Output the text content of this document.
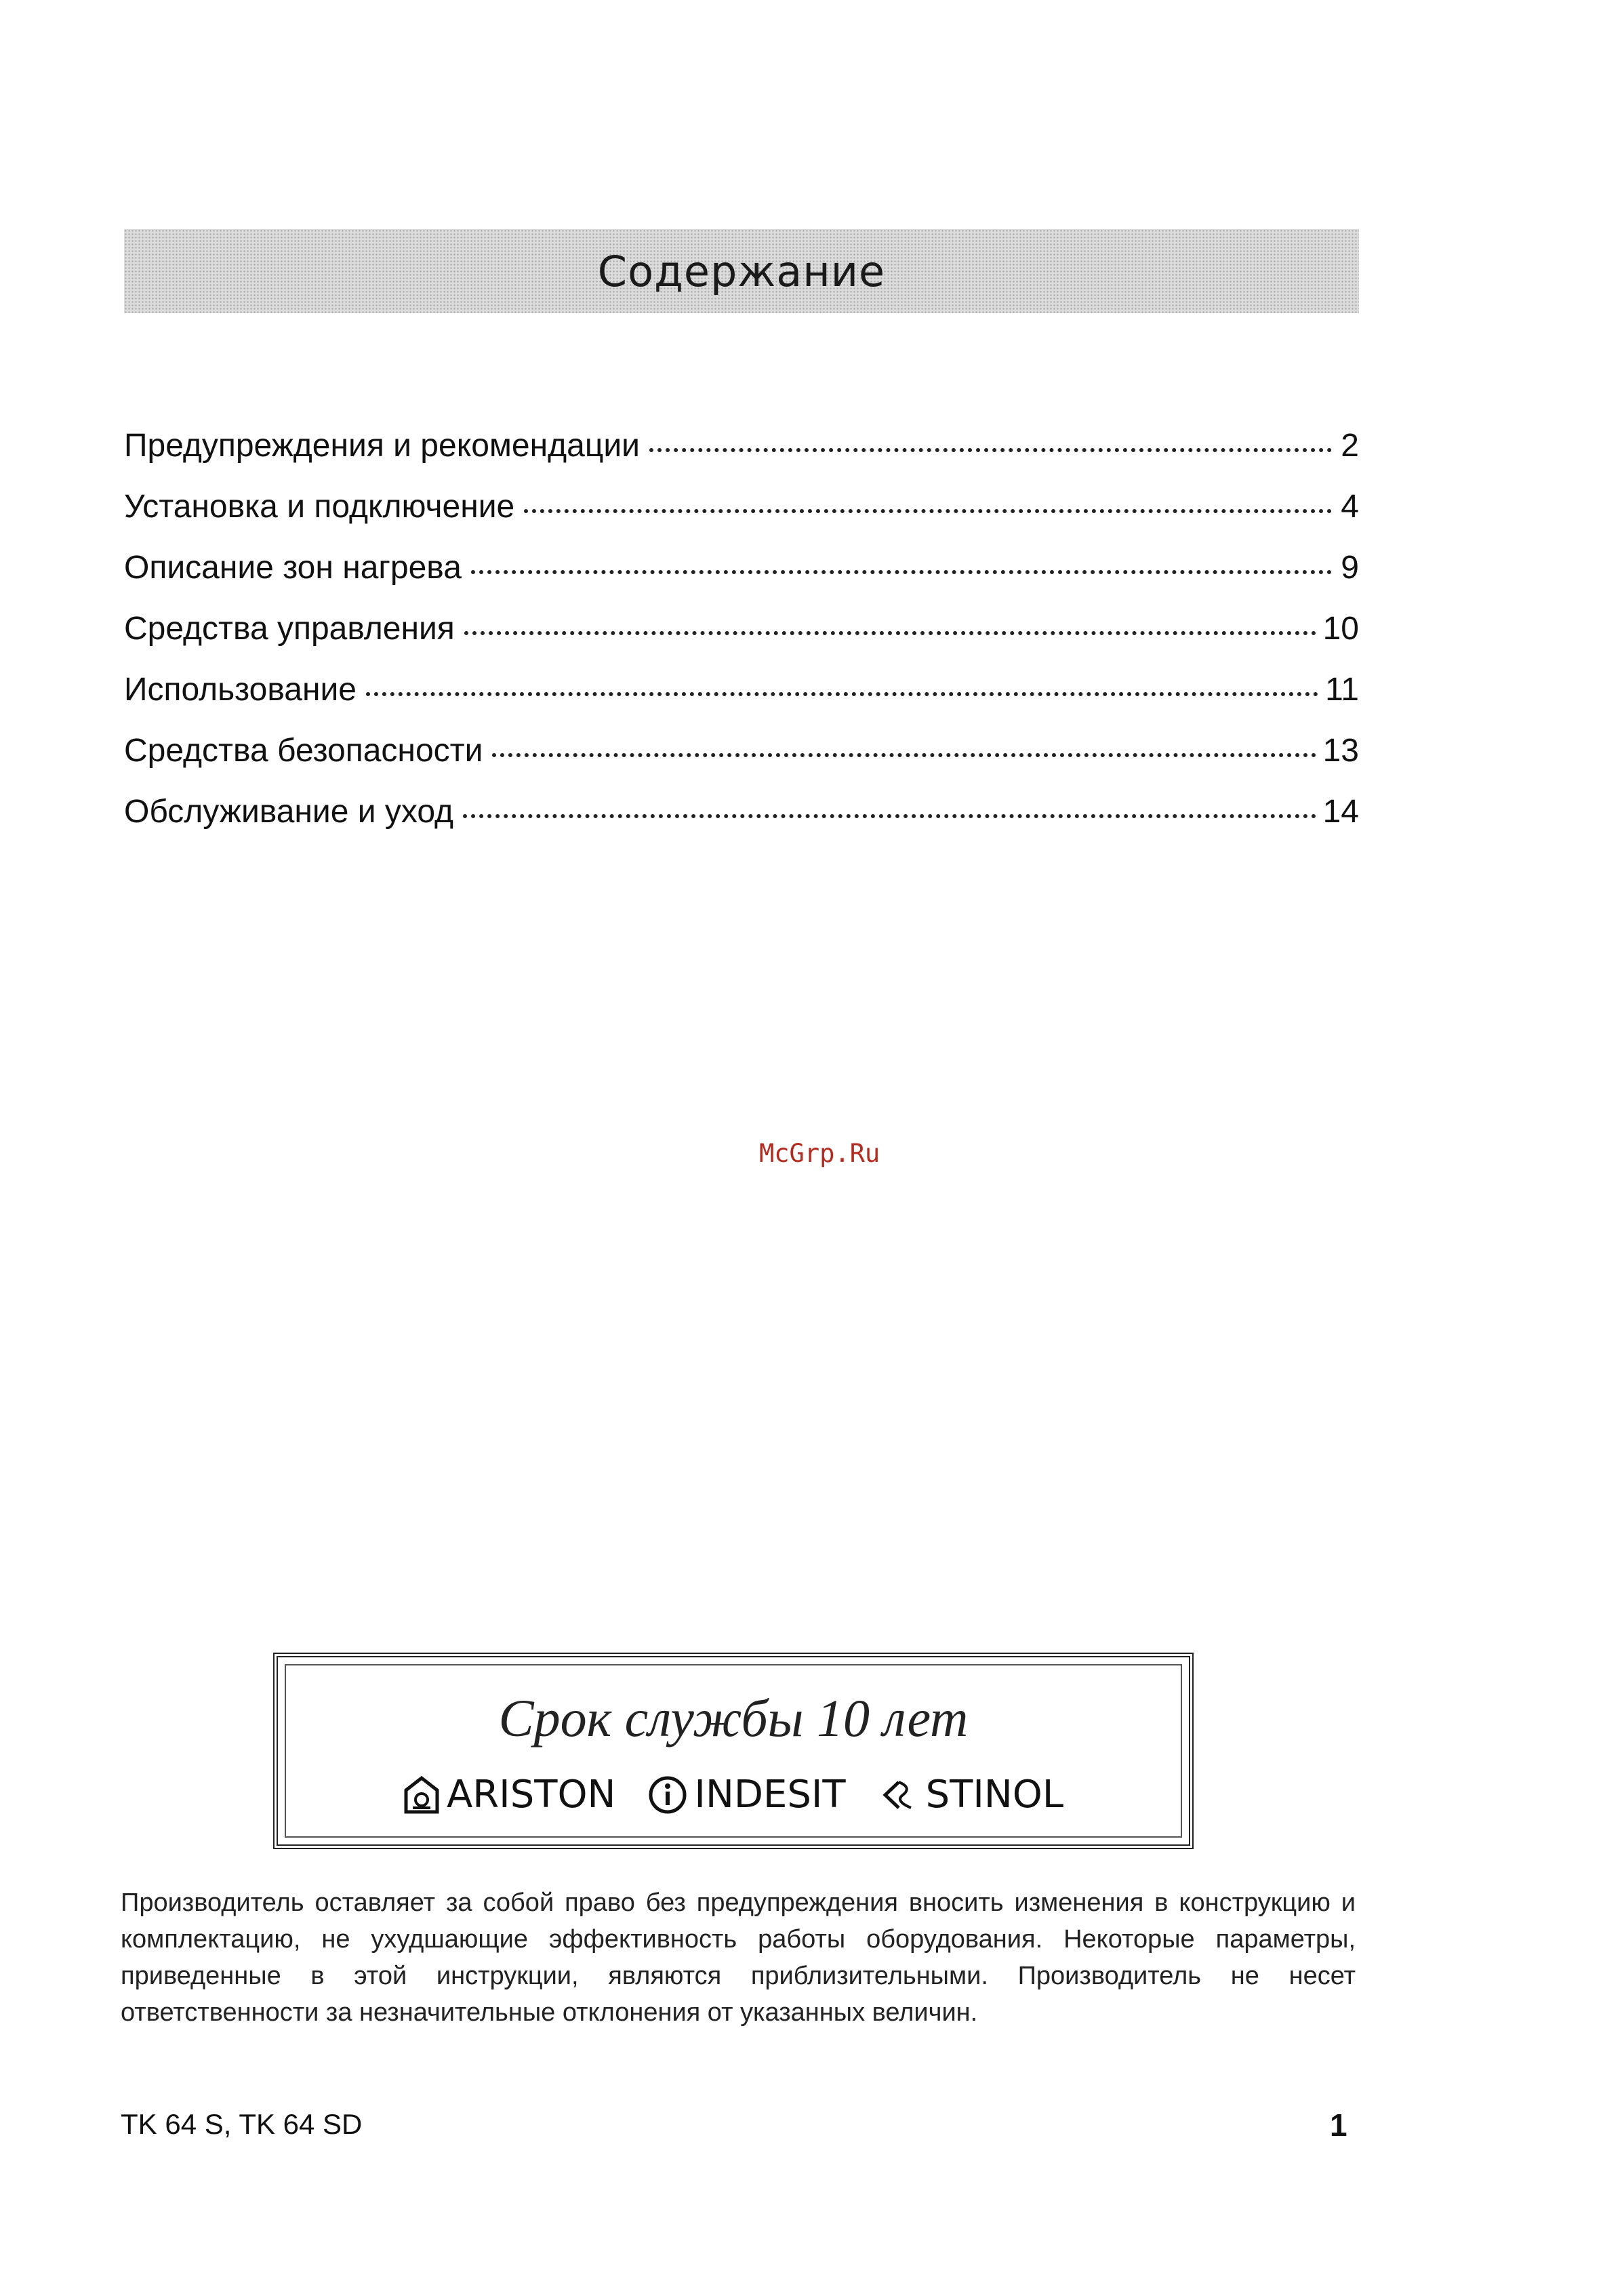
Содержание
Предупреждения и рекомендации	2
Установка и подключение	4
Описание зон нагрева	9
Средства управления	10
Использование	11
Средства безопасности	13
Обслуживание и уход	14
McGrp.Ru
Срок службы 10 лет
ARISTON INDESIT STINOL
Производитель оставляет за собой право без предупреждения вносить изменения в конструкцию и комплектацию, не ухудшающие эффективность работы оборудования. Некоторые параметры, приведенные в этой инструкции, являются приблизительными. Производитель не несет ответственности за незначительные отклонения от указанных величин.
TK 64 S, TK 64 SD	1
